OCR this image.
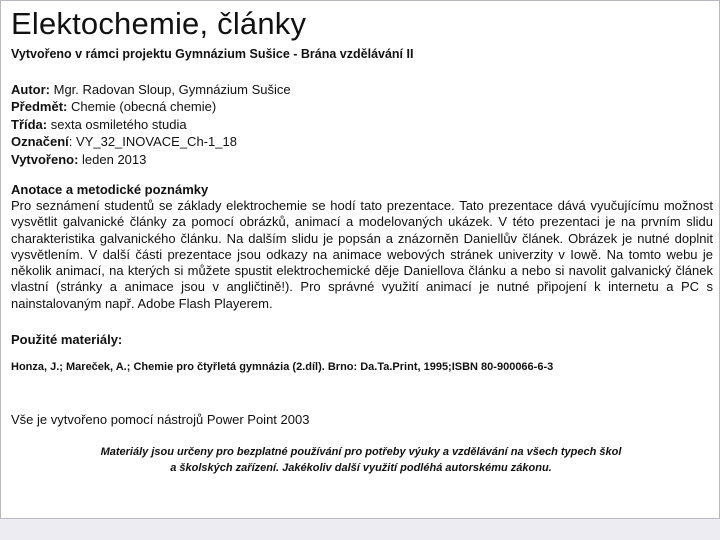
Elektochemie, články
Vytvořeno v rámci projektu Gymnázium Sušice - Brána vzdělávání II
Autor: Mgr. Radovan Sloup, Gymnázium Sušice
Předmět: Chemie (obecná chemie)
Třída: sexta osmiletého studia
Označení: VY_32_INOVACE_Ch-1_18
Vytvořeno: leden 2013
Anotace a metodické poznámky
Pro seznámení studentů se základy elektrochemie se hodí tato prezentace. Tato prezentace dává vyučujícímu možnost vysvětlit galvanické články za pomocí obrázků, animací a modelovaných ukázek. V této prezentaci je na prvním slidu charakteristika galvanického článku. Na dalším slidu je popsán a znázorněn Daniellův článek. Obrázek je nutné doplnit vysvětlením. V další části prezentace jsou odkazy na animace webových stránek univerzity v Iowě. Na tomto webu je několik animací, na kterých si můžete spustit elektrochemické děje Daniellova článku a nebo si navolit galvanický článek vlastní (stránky a animace jsou v angličtině!). Pro správné využití animací je nutné připojení k internetu a PC s nainstalovaným např. Adobe Flash Playerem.
Použité materiály:
Honza, J.; Mareček, A.; Chemie pro čtyřletá gymnázia (2.díl). Brno: Da.Ta.Print, 1995;ISBN 80-900066-6-3
Vše je vytvořeno pomocí nástrojů Power Point 2003
Materiály jsou určeny pro bezplatné používání pro potřeby výuky a vzdělávání na všech typech škol
a školských zařízení. Jakékoliv další využití podléhá autorskému zákonu.
